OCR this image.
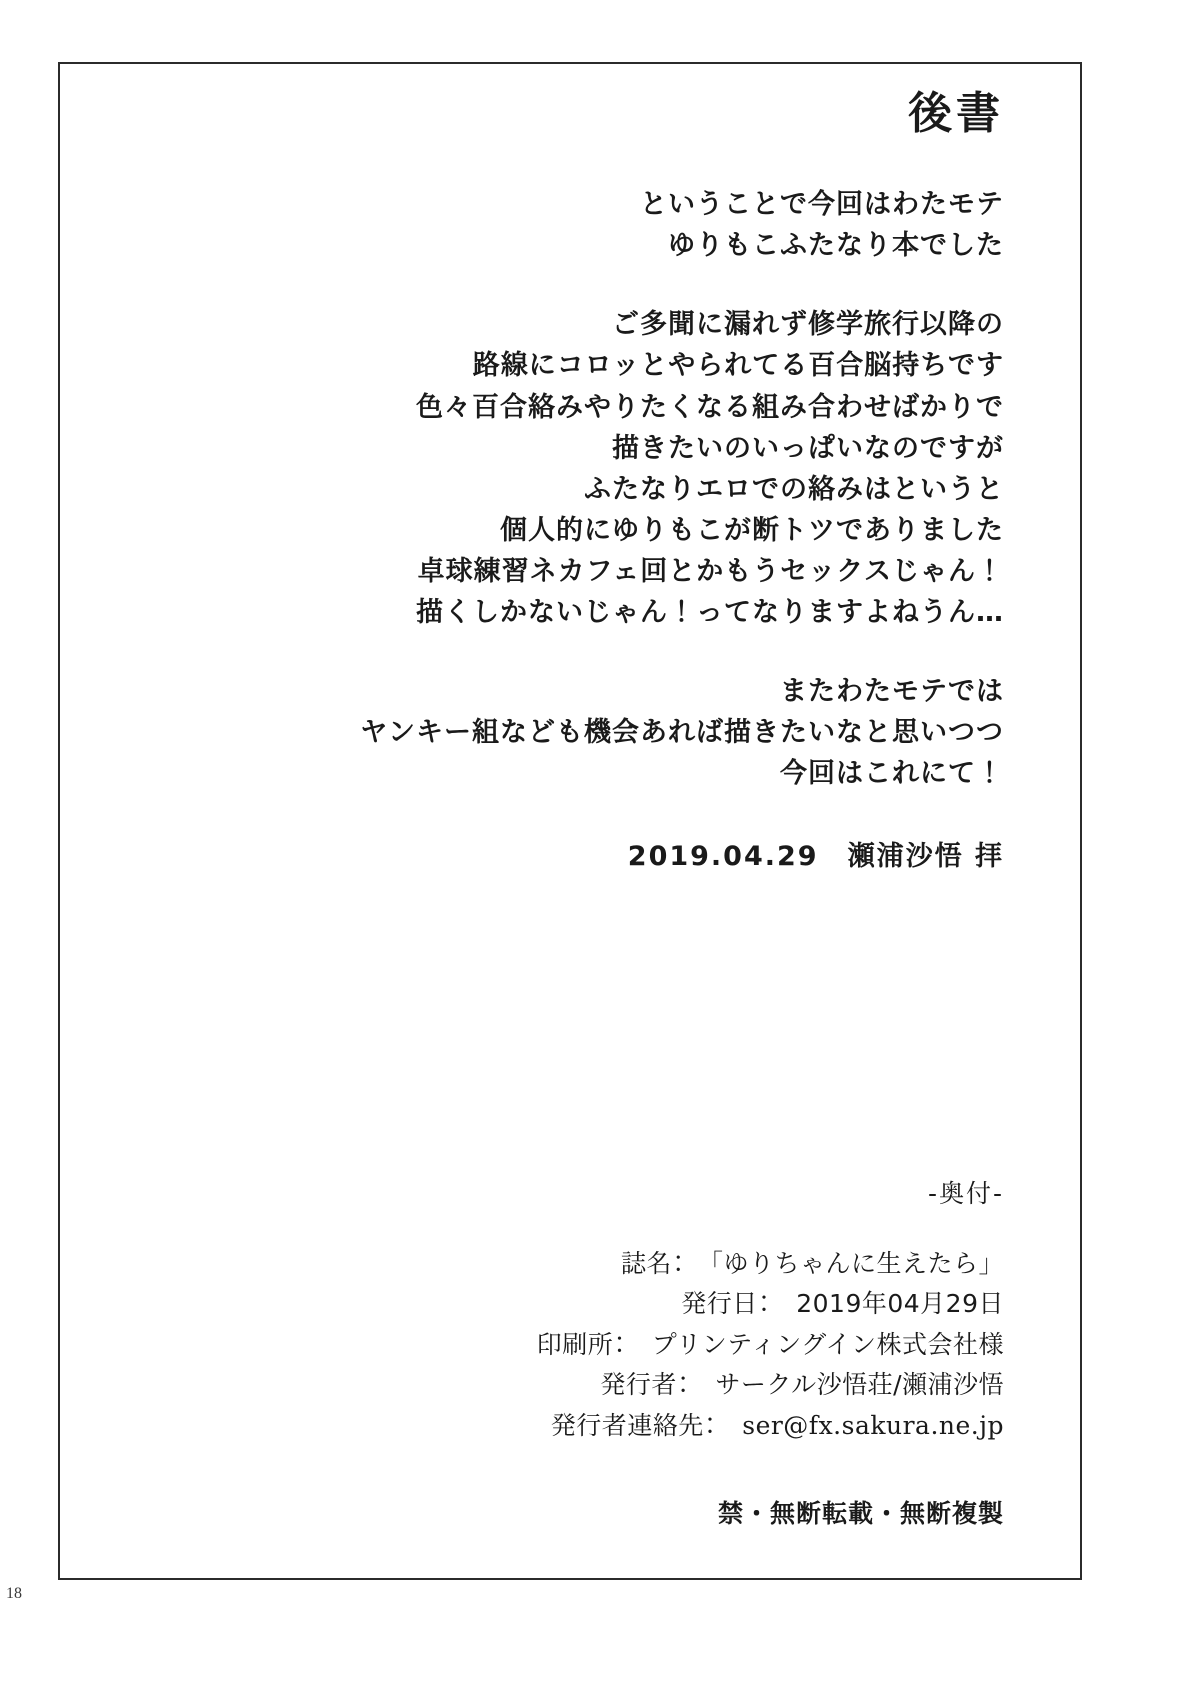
18
後書
ということで今回はわたモテ
ゆりもこふたなり本でした
ご多聞に漏れず修学旅行以降の
路線にコロッとやられてる百合脳持ちです
色々百合絡みやりたくなる組み合わせばかりで
描きたいのいっぱいなのですが
ふたなりエロでの絡みはというと
個人的にゆりもこが断トツでありました
卓球練習ネカフェ回とかもうセックスじゃん！
描くしかないじゃん！ってなりますよねうん…
またわたモテでは
ヤンキー組なども機会あれば描きたいなと思いつつ
今回はこれにて！
2019.04.29　瀬浦沙悟 拝
-奥付-
誌名：　「ゆりちゃんに生えたら」
発行日：　2019年04月29日
印刷所：　プリンティングイン株式会社様
発行者：　サークル沙悟荘/瀬浦沙悟
発行者連絡先：　ser@fx.sakura.ne.jp
禁・無断転載・無断複製
